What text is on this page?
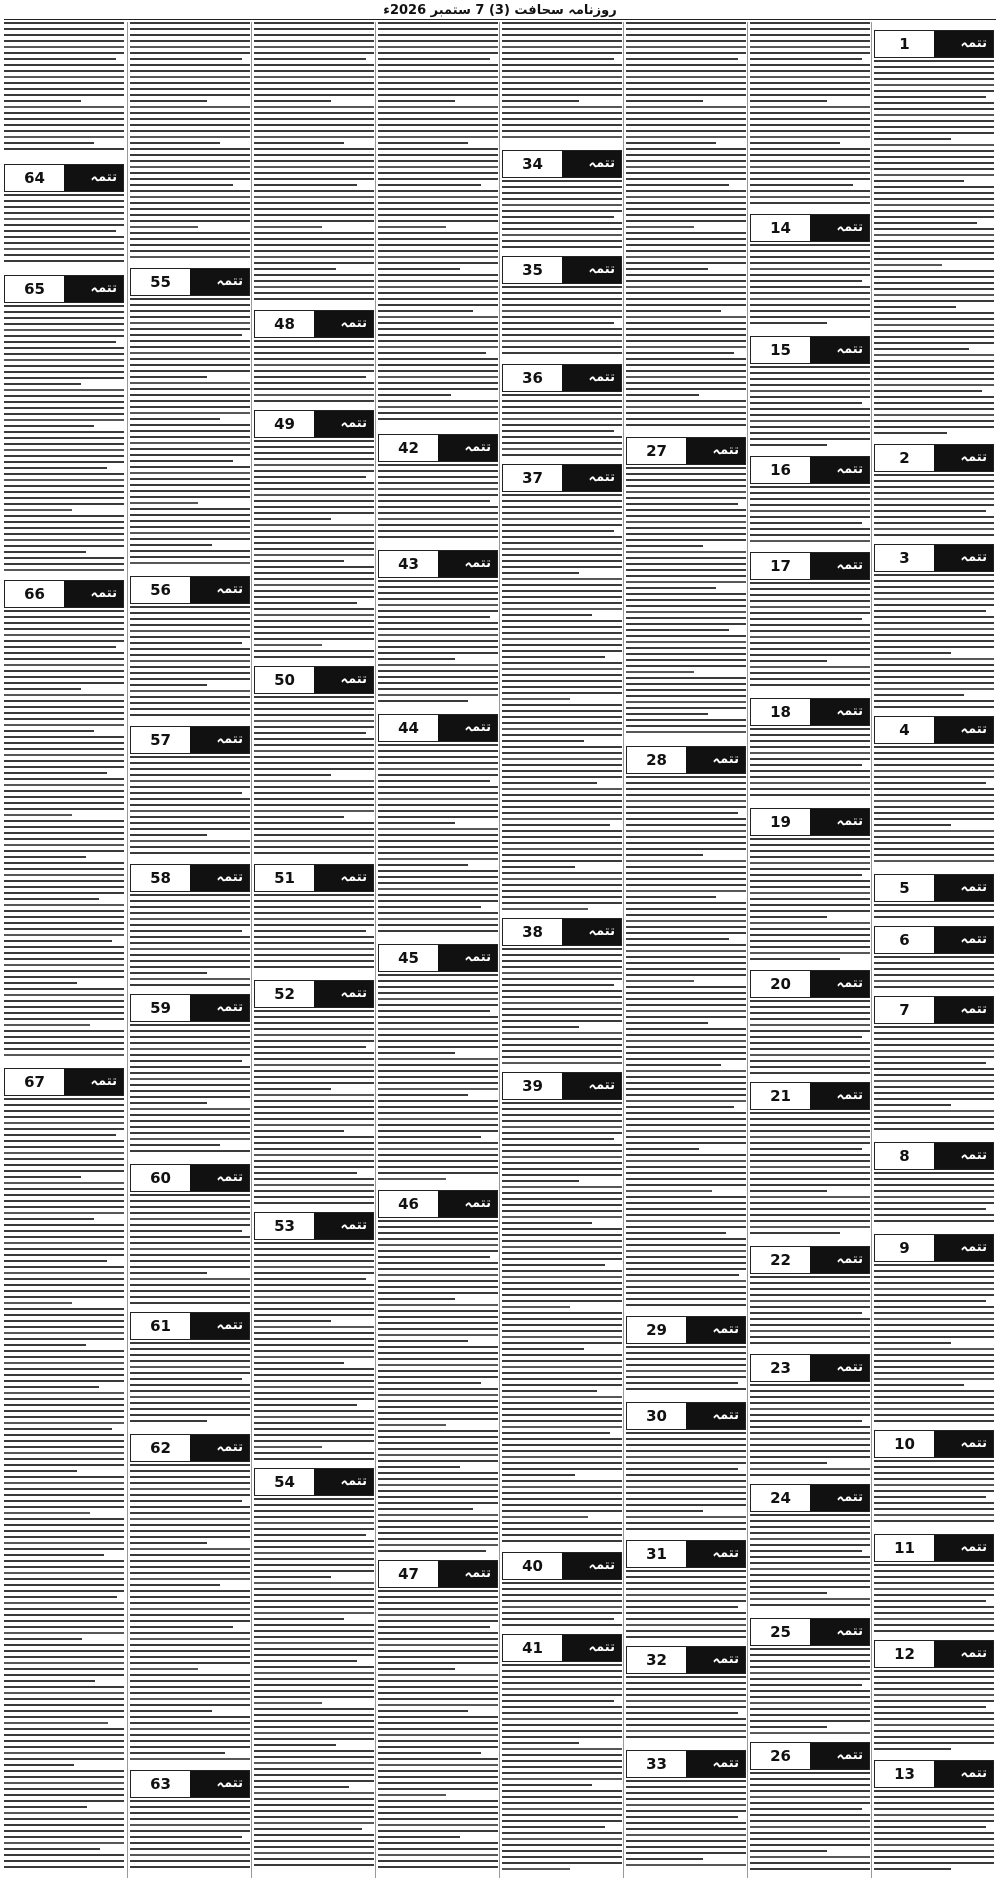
روزنامہ سحافت (3) 7 ستمبر 2026ء
64	تتمہ
65	تتمہ
66	تتمہ
67	تتمہ
55	تتمہ
56	تتمہ
57	تتمہ
58	تتمہ
59	تتمہ
60	تتمہ
61	تتمہ
62	تتمہ
63	تتمہ
48	تتمہ
49	تتمہ
50	تتمہ
51	تتمہ
52	تتمہ
53	تتمہ
54	تتمہ
42	تتمہ
43	تتمہ
44	تتمہ
45	تتمہ
46	تتمہ
47	تتمہ
34	تتمہ
35	تتمہ
36	تتمہ
37	تتمہ
38	تتمہ
39	تتمہ
40	تتمہ
41	تتمہ
27	تتمہ
28	تتمہ
29	تتمہ
30	تتمہ
31	تتمہ
32	تتمہ
33	تتمہ
14	تتمہ
15	تتمہ
16	تتمہ
17	تتمہ
18	تتمہ
19	تتمہ
20	تتمہ
21	تتمہ
22	تتمہ
23	تتمہ
24	تتمہ
25	تتمہ
26	تتمہ
1	تتمہ
2	تتمہ
3	تتمہ
4	تتمہ
5	تتمہ
6	تتمہ
7	تتمہ
8	تتمہ
9	تتمہ
10	تتمہ
11	تتمہ
12	تتمہ
13	تتمہ
